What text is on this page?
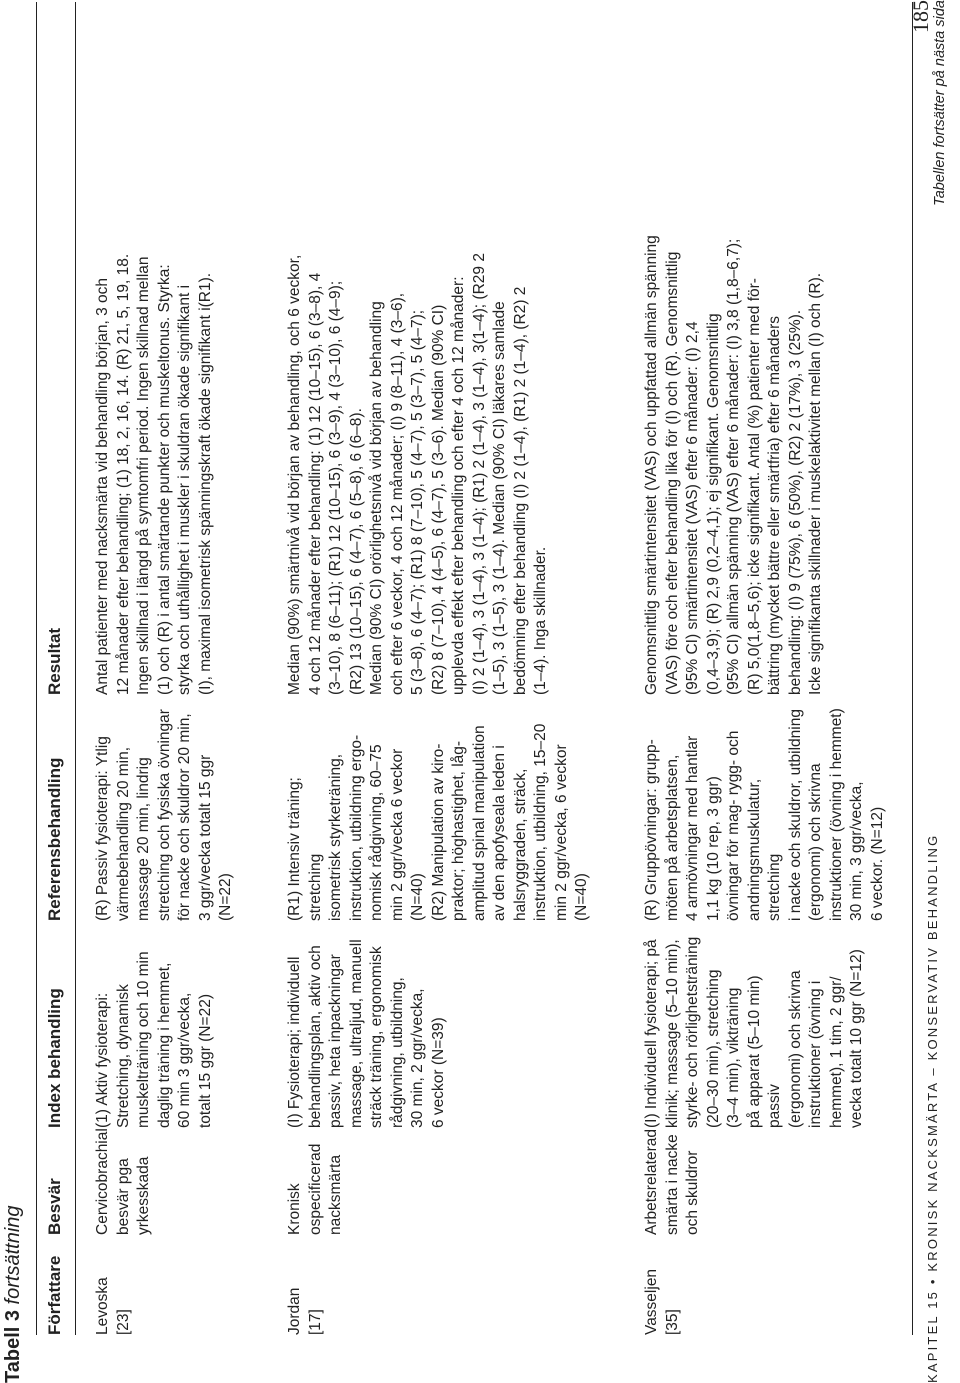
Tabell 3 fortsättning Författare
Besvär
Index behandling
Referensbehandling
Resultat
Levoska
[23]
Cervicobrachial
besvär pga
yrkesskada
(1) Aktiv fysioterapi:
Stretching, dynamisk
muskelträning och 10 min
daglig träning i hemmet,
60 min 3 ggr/vecka,
totalt 15 ggr (N=22)
(R) Passiv fysioterapi: Ytlig
värmebehandling 20 min,
massage 20 min, lindrig
stretching och fysiska övningar
för nacke och skuldror 20 min,
3 ggr/vecka totalt 15 ggr
(N=22)
Antal patienter med nacksmärta vid behandling början, 3 och
12 månader efter behandling; (1) 18, 2, 16, 14. (R) 21, 5, 19, 18.
Ingen skillnad i längd på symtomfri period. Ingen skillnad mellan
(1) och (R) i antal smärtande punkter och muskeltonus. Styrka:
styrka och uthållighet i muskler i skuldran ökade signifikant i
(I), maximal isometrisk spänningskraft ökade signifikant i(R1).
Jordan
[17]
Kronisk
ospecificerad
nacksmärta
(I) Fysioterapi; individuell
behandlingsplan, aktiv och
passiv, heta inpackningar
massage, ultraljud, manuell
sträck träning, ergonomisk
rådgivning, utbildning,
30 min, 2 ggr/vecka,
6 veckor (N=39)
(R1) Intensiv träning; stretching
isometrisk styrketräning,
instruktion, utbildning ergo-
nomisk rådgivning, 60–75
min 2 ggr/vecka 6 veckor
(N=40)
(R2) Manipulation av kiro-
praktor; höghastighet, låg-
amplitud spinal manipulation
av den apofyseala leden i
halsryggraden, sträck,
instruktion, utbildning, 15–20
min 2 ggr/vecka, 6 veckor
(N=40)
Median (90%) smärtnivå vid början av behandling, och 6 veckor,
4 och 12 månader efter behandling: (1) 12 (10–15), 6 (3–8), 4
(3–10), 8 (6–11); (R1) 12 (10–15), 6 (3–9), 4 (3–10), 6 (4–9);
(R2) 13 (10–15), 6 (4–7), 6 (5–8), 6 (6–8).
Median (90% CI) orörlighetsnivå vid början av behandling
och efter 6 veckor, 4 och 12 månader; (I) 9 (8–11), 4 (3–6),
5 (3–8), 6 (4–7); (R1) 8 (7–10), 5 (4–7), 5 (3–7), 5 (4–7);
(R2) 8 (7–10), 4 (4–5), 6 (4–7), 5 (3–6). Median (90% CI)
upplevda effekt efter behandling och efter 4 och 12 månader:
(I) 2 (1–4), 3 (1–4), 3 (1–4); (R1) 2 (1–4), 3 (1–4), 3(1–4); (R29 2
(1–5), 3 (1–5), 3 (1–4). Median (90% CI) läkares samlade
bedömning efter behandling (I) 2 (1–4), (R1) 2 (1–4), (R2) 2
(1–4). Inga skillnader.
Vasseljen
[35]
Arbetsrelaterad
smärta i nacke
och skuldror
(I) Individuell fysioterapi; på
klinik; massage (5–10 min),
styrke- och rörlighetsträning
(20–30 min), stretching
(3–4 min), vikträning
på apparat (5–10 min) passiv
(ergonomi) och skrivna
instruktioner (övning i
hemmet), 1 tim, 2 ggr/
vecka totalt 10 ggr (N=12)
(R) Gruppövningar: grupp-
möten på arbetsplatsen,
4 armövningar med hantlar
1,1 kg (10 rep, 3 ggr)
övningar för mag- rygg- och
andningsmuskulatur, stretching
i nacke och skuldror, utbildning
(ergonomi) och skrivna
instruktioner (övning i hemmet)
30 min, 3 ggr/vecka,
6 veckor. (N=12)
Genomsnittlig smärtintensitet (VAS) och uppfattad allmän spänning
(VAS) före och efter behandling lika för (I) och (R). Genomsnittlig
(95% CI) smärtintensitet (VAS) efter 6 månader: (I) 2,4
(0,4–3,9); (R) 2,9 (0,2–4,1); ej signifikant. Genomsnittlig
(95% CI) allmän spänning (VAS) efter 6 månader: (I) 3,8 (1,8–6,7);
(R) 5,0(1,8–5,6); icke signifikant. Antal (%) patienter med för-
bättring (mycket bättre eller smärtfria) efter 6 månaders
behandling: (I) 9 (75%), 6 (50%), (R2) 2 (17%), 3 (25%).
Icke signifikanta skillnader i muskelaktivitet mellan (I) och (R).
KAPITEL 15 • KRONISK NACKSMÄRTA – KONSERVATIV BEHANDLING
185 Tabellen fortsätter på nästa sida
